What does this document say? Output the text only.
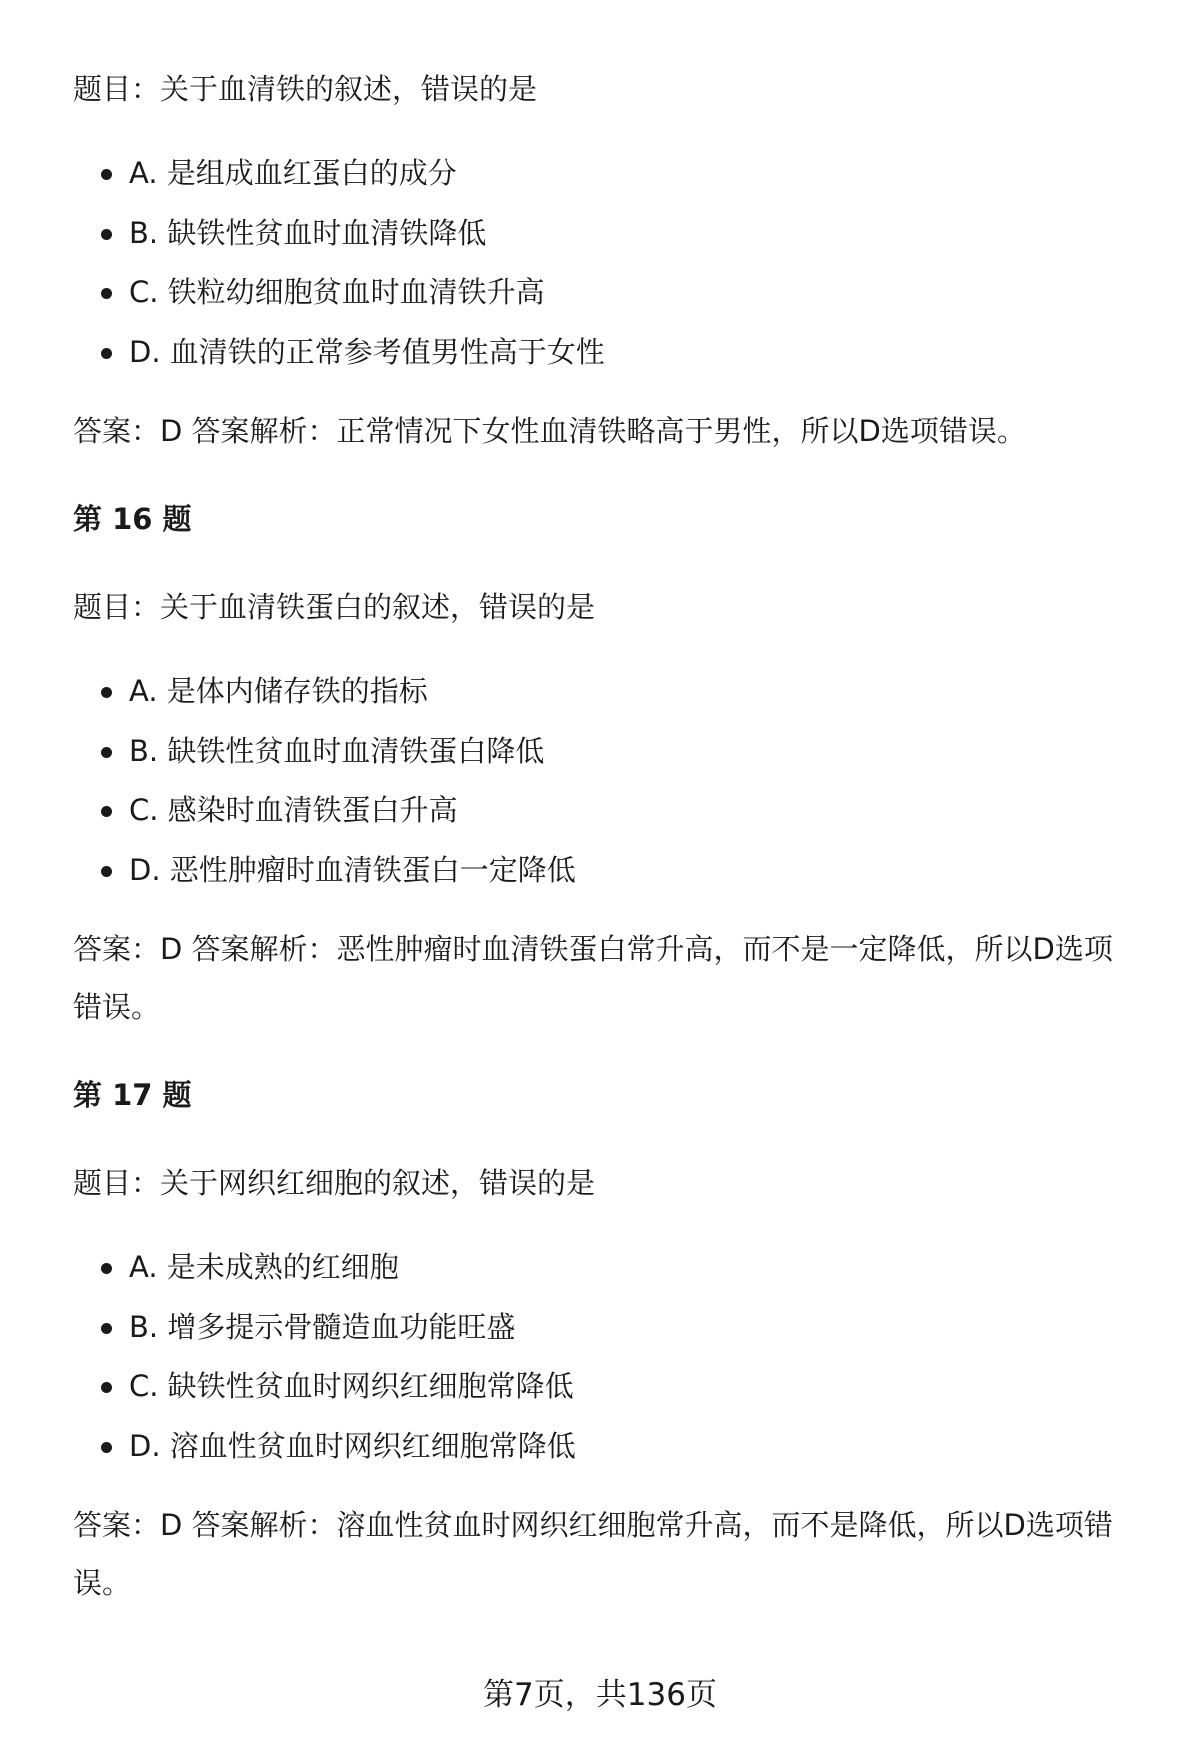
题目：关于血清铁的叙述，错误的是

A. 是组成血红蛋白的成分
B. 缺铁性贫血时血清铁降低
C. 铁粒幼细胞贫血时血清铁升高
D. 血清铁的正常参考值男性高于女性

答案：D 答案解析：正常情况下女性血清铁略高于男性，所以D选项错误。

第 16 题

题目：关于血清铁蛋白的叙述，错误的是

A. 是体内储存铁的指标
B. 缺铁性贫血时血清铁蛋白降低
C. 感染时血清铁蛋白升高
D. 恶性肿瘤时血清铁蛋白一定降低

答案：D 答案解析：恶性肿瘤时血清铁蛋白常升高，而不是一定降低，所以D选项错误。

第 17 题

题目：关于网织红细胞的叙述，错误的是

A. 是未成熟的红细胞
B. 增多提示骨髓造血功能旺盛
C. 缺铁性贫血时网织红细胞常降低
D. 溶血性贫血时网织红细胞常降低

答案：D 答案解析：溶血性贫血时网织红细胞常升高，而不是降低，所以D选项错误。

第7页，共136页
